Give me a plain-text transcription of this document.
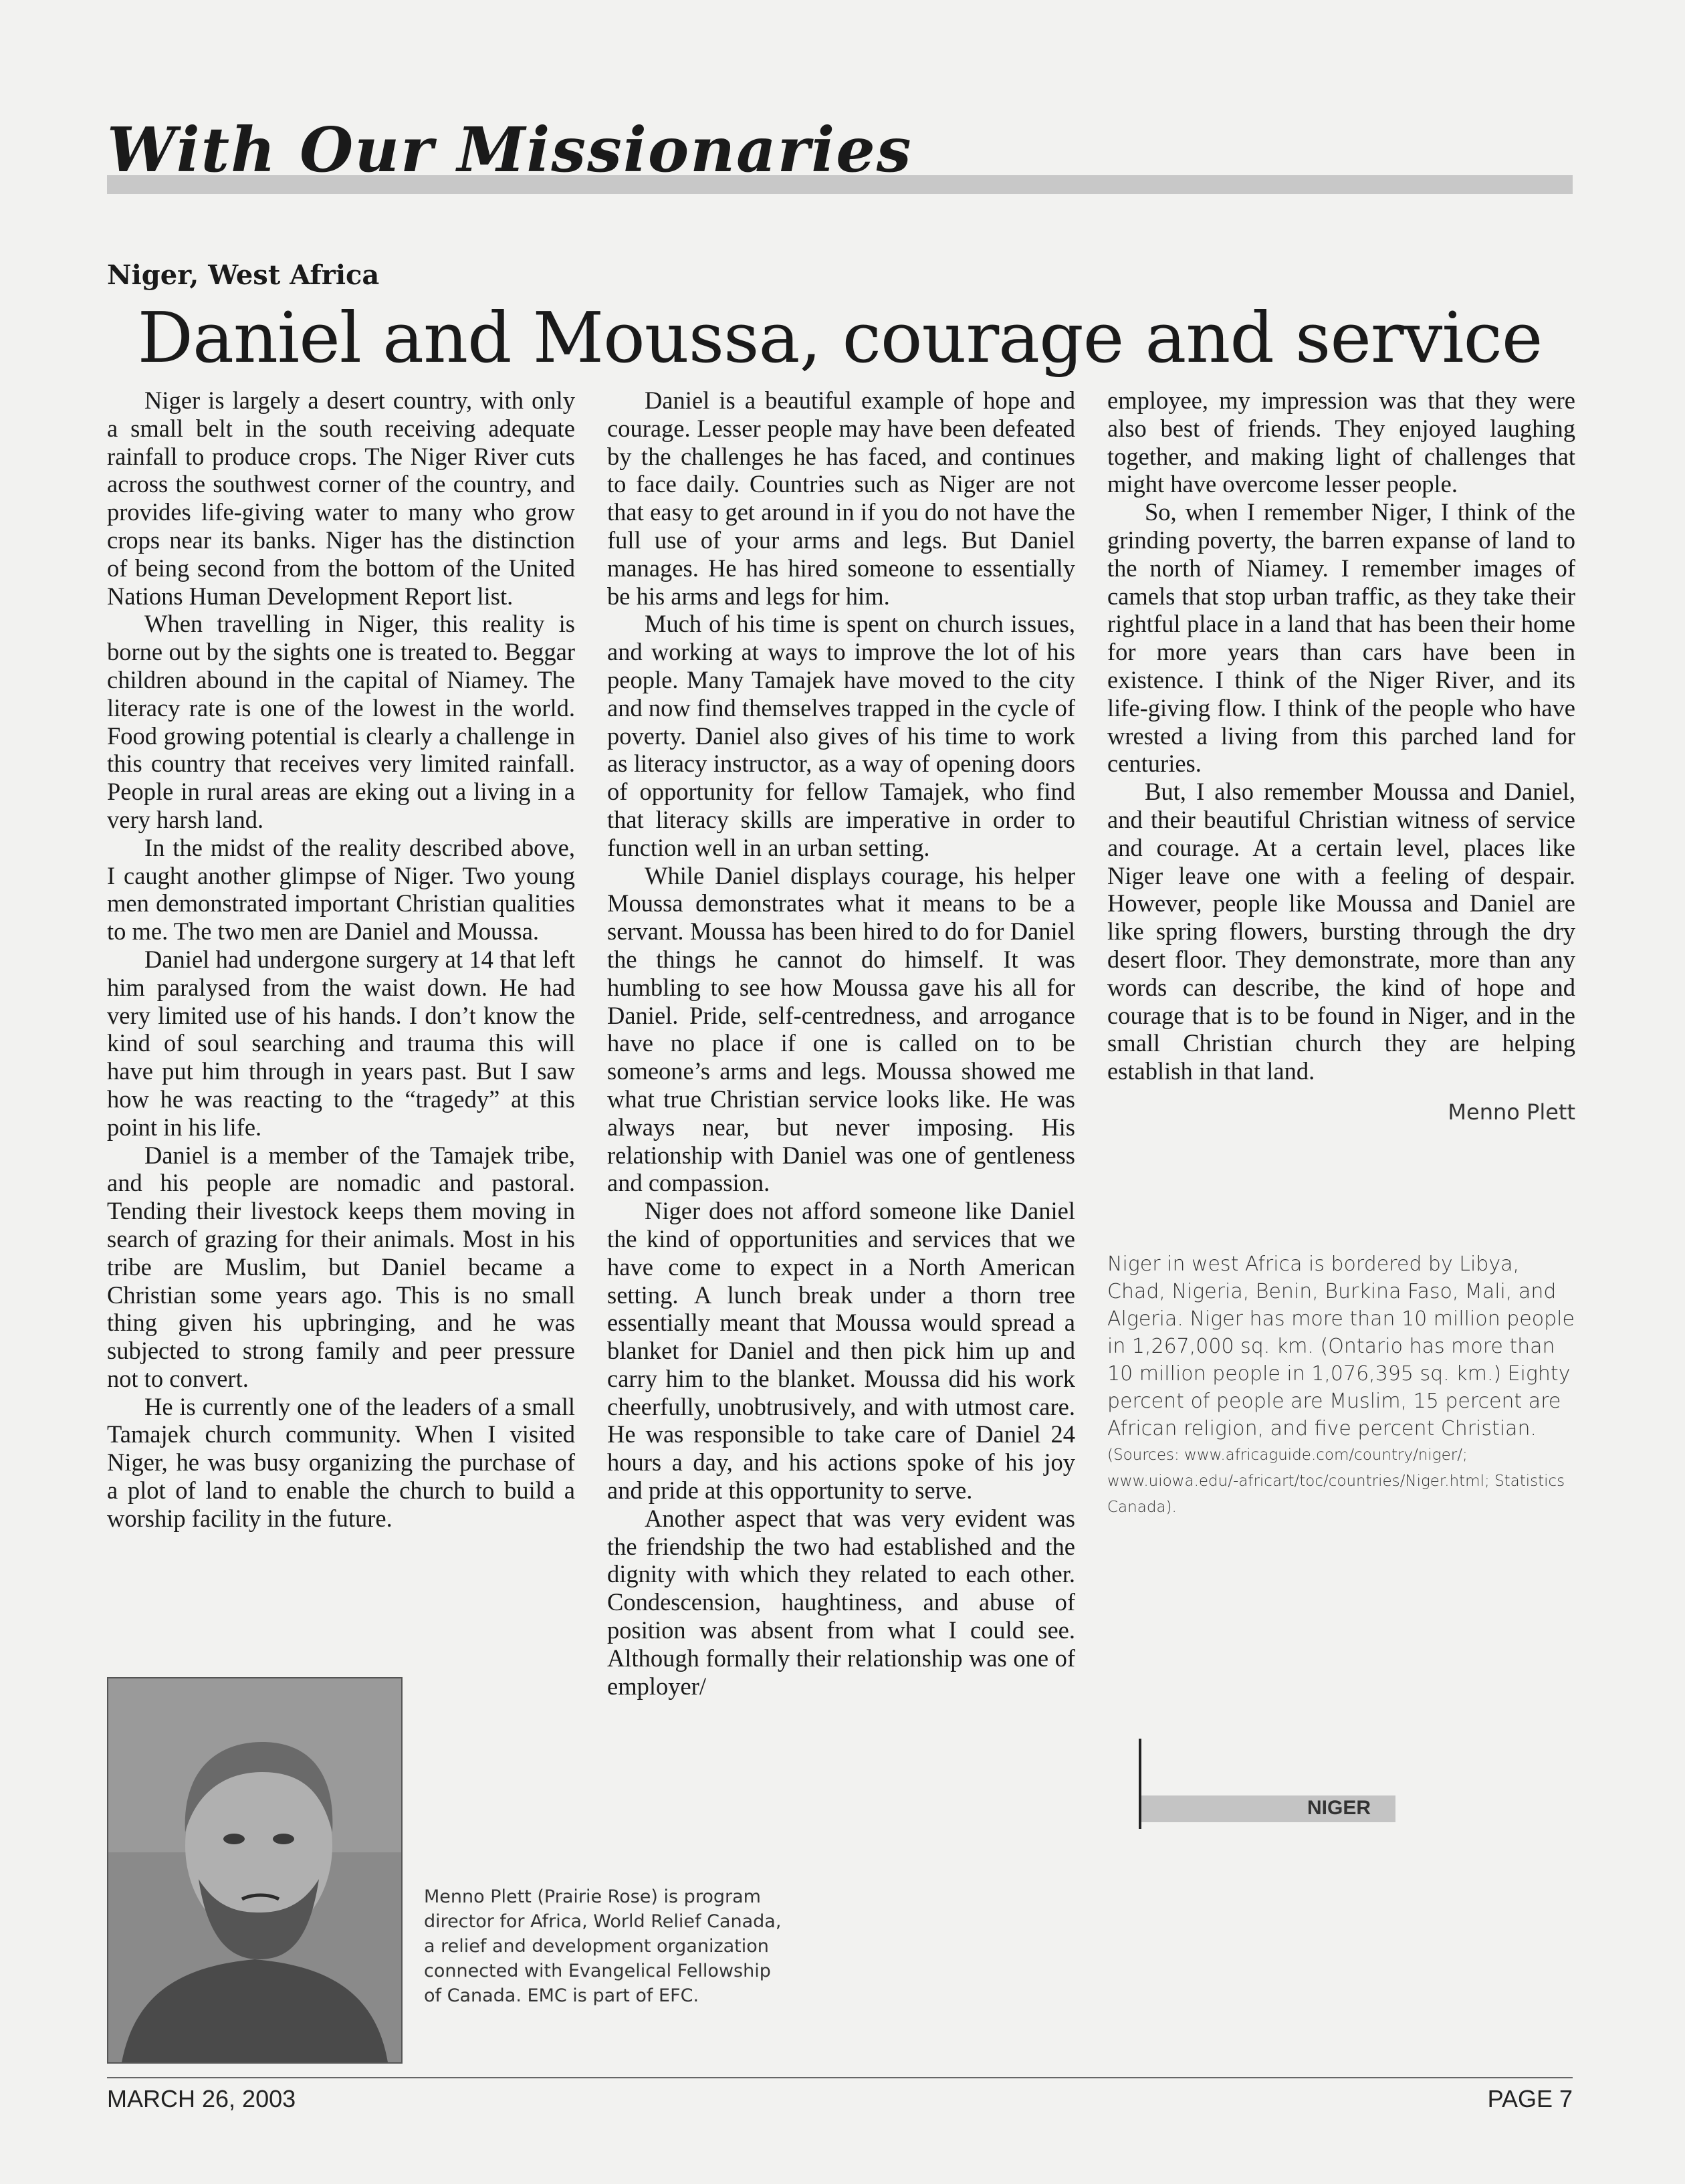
With Our Missionaries
Niger, West Africa
Daniel and Moussa, courage and service

Niger is largely a desert country, with only a small belt in the south receiving adequate rainfall to produce crops. The Niger River cuts across the southwest corner of the country, and provides life-giving water to many who grow crops near its banks. Niger has the distinction of being second from the bottom of the United Nations Human Development Report list.

When travelling in Niger, this reality is borne out by the sights one is treated to. Beggar children abound in the capital of Niamey. The literacy rate is one of the lowest in the world. Food growing potential is clearly a challenge in this country that receives very limited rainfall. People in rural areas are eking out a living in a very harsh land.

In the midst of the reality described above, I caught another glimpse of Niger. Two young men demonstrated important Christian qualities to me. The two men are Daniel and Moussa.

Daniel had undergone surgery at 14 that left him paralysed from the waist down. He had very limited use of his hands. I don’t know the kind of soul searching and trauma this will have put him through in years past. But I saw how he was reacting to the “tragedy” at this point in his life.

Daniel is a member of the Tamajek tribe, and his people are nomadic and pastoral. Tending their livestock keeps them moving in search of grazing for their animals. Most in his tribe are Muslim, but Daniel became a Christian some years ago. This is no small thing given his upbringing, and he was subjected to strong family and peer pressure not to convert.

He is currently one of the leaders of a small Tamajek church community. When I visited Niger, he was busy organizing the purchase of a plot of land to enable the church to build a worship facility in the future.

Daniel is a beautiful example of hope and courage. Lesser people may have been defeated by the challenges he has faced, and continues to face daily. Countries such as Niger are not that easy to get around in if you do not have the full use of your arms and legs. But Daniel manages. He has hired someone to essentially be his arms and legs for him.

Much of his time is spent on church issues, and working at ways to improve the lot of his people. Many Tamajek have moved to the city and now find themselves trapped in the cycle of poverty. Daniel also gives of his time to work as literacy instructor, as a way of opening doors of opportunity for fellow Tamajek, who find that literacy skills are imperative in order to function well in an urban setting.

While Daniel displays courage, his helper Moussa demonstrates what it means to be a servant. Moussa has been hired to do for Daniel the things he cannot do himself. It was humbling to see how Moussa gave his all for Daniel. Pride, self-centredness, and arrogance have no place if one is called on to be someone’s arms and legs. Moussa showed me what true Christian service looks like. He was always near, but never imposing. His relationship with Daniel was one of gentleness and compassion.

Niger does not afford someone like Daniel the kind of opportunities and services that we have come to expect in a North American setting. A lunch break under a thorn tree essentially meant that Moussa would spread a blanket for Daniel and then pick him up and carry him to the blanket. Moussa did his work cheerfully, unobtrusively, and with utmost care. He was responsible to take care of Daniel 24 hours a day, and his actions spoke of his joy and pride at this opportunity to serve.

Another aspect that was very evident was the friendship the two had established and the dignity with which they related to each other. Condescension, haughtiness, and abuse of position was absent from what I could see. Although formally their relationship was one of employer/

employee, my impression was that they were also best of friends. They enjoyed laughing together, and making light of challenges that might have overcome lesser people.

So, when I remember Niger, I think of the grinding poverty, the barren expanse of land to the north of Niamey. I remember images of camels that stop urban traffic, as they take their rightful place in a land that has been their home for more years than cars have been in existence. I think of the Niger River, and its life-giving flow. I think of the people who have wrested a living from this parched land for centuries.

But, I also remember Moussa and Daniel, and their beautiful Christian witness of service and courage. At a certain level, places like Niger leave one with a feeling of despair. However, people like Moussa and Daniel are like spring flowers, bursting through the dry desert floor. They demonstrate, more than any words can describe, the kind of hope and courage that is to be found in Niger, and in the small Christian church they are helping establish in that land.

Menno Plett
Niger in west Africa is bordered by Libya, Chad, Nigeria, Benin, Burkina Faso, Mali, and Algeria. Niger has more than 10 million people in 1,267,000 sq. km. (Ontario has more than 10 million people in 1,076,395 sq. km.) Eighty percent of people are Muslim, 15 percent are African religion, and five percent Christian.
(Sources: www.africaguide.com/country/niger/; www.uiowa.edu/-africart/toc/countries/Niger.html; Statistics Canada).
Menno Plett (Prairie Rose) is program director for Africa, World Relief Canada, a relief and development organization connected with Evangelical Fellowship of Canada. EMC is part of EFC.
NIGER
MARCH 26, 2003	PAGE 7
